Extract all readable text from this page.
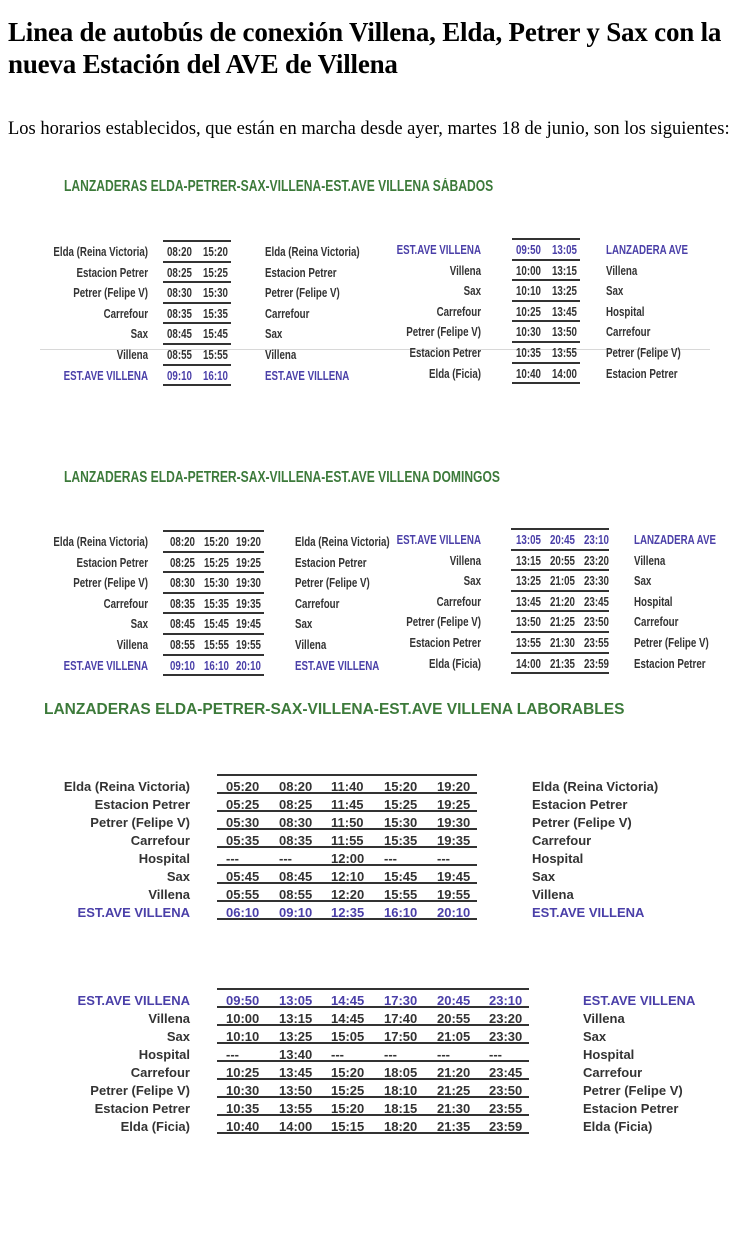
Linea de autobús de conexión Villena, Elda, Petrer y Sax con la nueva Estación del AVE de Villena

Los horarios establecidos, que están en marcha desde ayer, martes 18 de junio, son los siguientes:

LANZADERAS ELDA-PETRER-SAX-VILLENA-EST.AVE VILLENA SÁBADOS
Elda (Reina Victoria) 08:20 15:20	Elda (Reina Victoria)
Estacion Petrer 08:25 15:25	Estacion Petrer
Petrer (Felipe V) 08:30 15:30	Petrer (Felipe V)
Carrefour 08:35 15:35	Carrefour
Sax 08:45 15:45	Sax
Villena 08:55 15:55	Villena
EST.AVE VILLENA 09:10 16:10	EST.AVE VILLENA
EST.AVE VILLENA	09:50 13:05 LANZADERA AVE
Villena	10:00 13:15 Villena
Sax	10:10 13:25 Sax
Carrefour	10:25 13:45 Hospital
Petrer (Felipe V)	10:30 13:50 Carrefour
Estacion Petrer	10:35 13:55 Petrer (Felipe V)
Elda (Ficia)	10:40 14:00 Estacion Petrer
LANZADERAS ELDA-PETRER-SAX-VILLENA-EST.AVE VILLENA DOMINGOS
Elda (Reina Victoria) 08:20 15:20 19:20	Elda (Reina Victoria)
Estacion Petrer 08:25 15:25 19:25	Estacion Petrer
Petrer (Felipe V) 08:30 15:30 19:30	Petrer (Felipe V)
Carrefour 08:35 15:35 19:35	Carrefour
Sax 08:45 15:45 19:45	Sax
Villena 08:55 15:55 19:55	Villena
EST.AVE VILLENA 09:10 16:10 20:10	EST.AVE VILLENA
EST.AVE VILLENA	13:05 20:45 23:10 LANZADERA AVE
Villena	13:15 20:55 23:20 Villena
Sax	13:25 21:05 23:30 Sax
Carrefour	13:45 21:20 23:45 Hospital
Petrer (Felipe V)	13:50 21:25 23:50 Carrefour
Estacion Petrer	13:55 21:30 23:55 Petrer (Felipe V)
Elda (Ficia)	14:00 21:35 23:59 Estacion Petrer
LANZADERAS ELDA-PETRER-SAX-VILLENA-EST.AVE VILLENA LABORABLES
Elda (Reina Victoria)	05:20 08:20 11:40 15:20 19:20	Elda (Reina Victoria)
Estacion Petrer	05:25 08:25 11:45 15:25 19:25	Estacion Petrer
Petrer (Felipe V)	05:30 08:30 11:50 15:30 19:30	Petrer (Felipe V)
Carrefour	05:35 08:35 11:55 15:35 19:35	Carrefour
Hospital	---	---	12:00 ---	---	Hospital
Sax	05:45 08:45 12:10 15:45 19:45	Sax
Villena	05:55 08:55 12:20 15:55 19:55	Villena
EST.AVE VILLENA	06:10 09:10 12:35 16:10 20:10	EST.AVE VILLENA
EST.AVE VILLENA	09:50 13:05 14:45 17:30 20:45 23:10	EST.AVE VILLENA
Villena	10:00 13:15 14:45 17:40 20:55 23:20	Villena
Sax	10:10 13:25 15:05 17:50 21:05 23:30	Sax
Hospital	---	13:40 ---	---	---	---	Hospital
Carrefour	10:25 13:45 15:20 18:05 21:20 23:45	Carrefour
Petrer (Felipe V)	10:30 13:50 15:25 18:10 21:25 23:50	Petrer (Felipe V)
Estacion Petrer	10:35 13:55 15:20 18:15 21:30 23:55	Estacion Petrer
Elda (Ficia)	10:40 14:00 15:15 18:20 21:35 23:59	Elda (Ficia)
